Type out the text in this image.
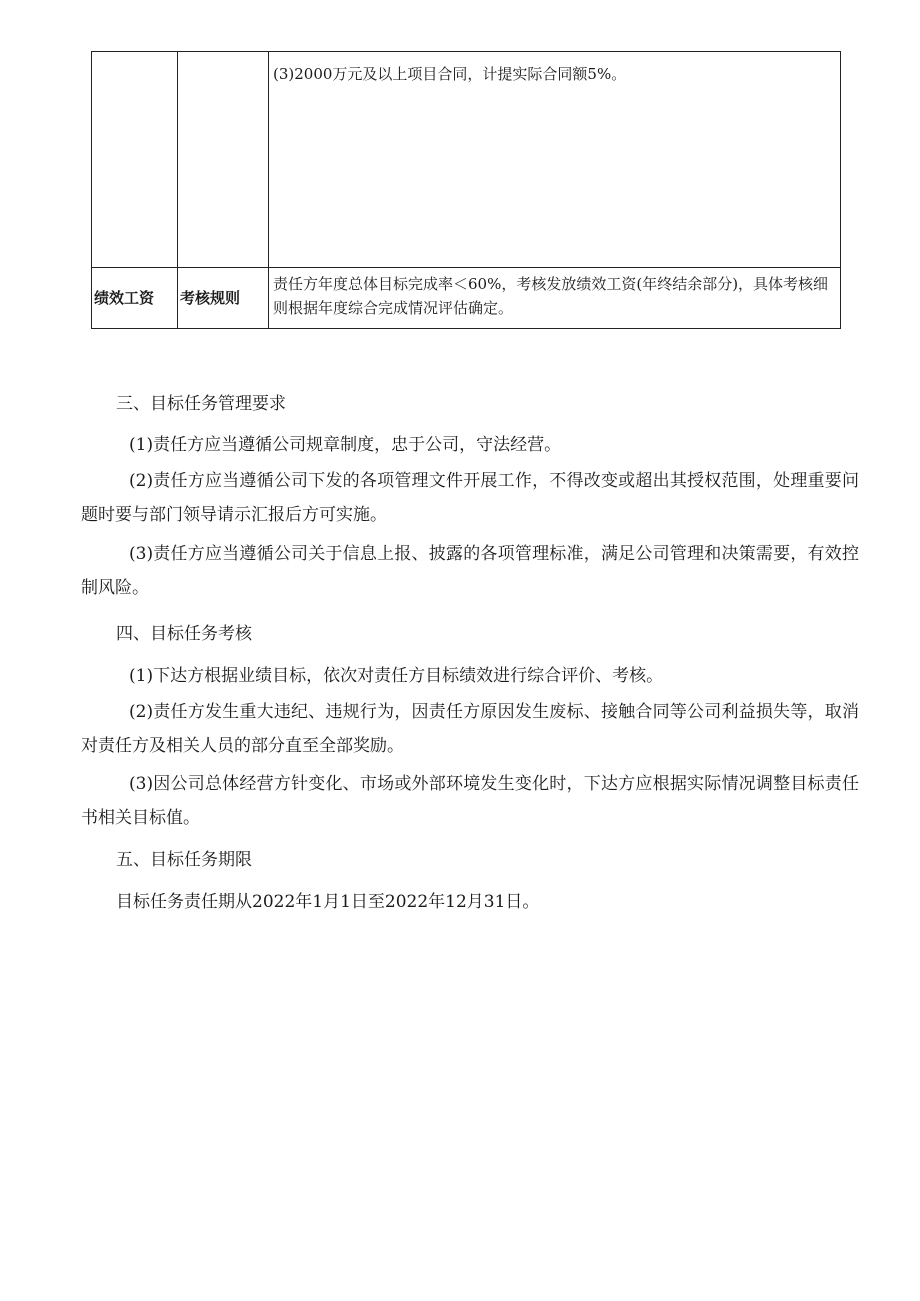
		(3)2000万元及以上项目合同，计提实际合同额5%。

绩效工资	考核规则	责任方年度总体目标完成率＜60%，考核发放绩效工资(年终结余部分)，具体考核细则根据年度综合完成情况评估确定。
三、目标任务管理要求
(1)责任方应当遵循公司规章制度，忠于公司，守法经营。
(2)责任方应当遵循公司下发的各项管理文件开展工作，不得改变或超出其授权范围，处理重要问题时要与部门领导请示汇报后方可实施。
(3)责任方应当遵循公司关于信息上报、披露的各项管理标准，满足公司管理和决策需要，有效控制风险。
四、目标任务考核
(1)下达方根据业绩目标，依次对责任方目标绩效进行综合评价、考核。
(2)责任方发生重大违纪、违规行为，因责任方原因发生废标、接触合同等公司利益损失等，取消对责任方及相关人员的部分直至全部奖励。
(3)因公司总体经营方针变化、市场或外部环境发生变化时，下达方应根据实际情况调整目标责任书相关目标值。
五、目标任务期限
目标任务责任期从2022年1月1日至2022年12月31日。
